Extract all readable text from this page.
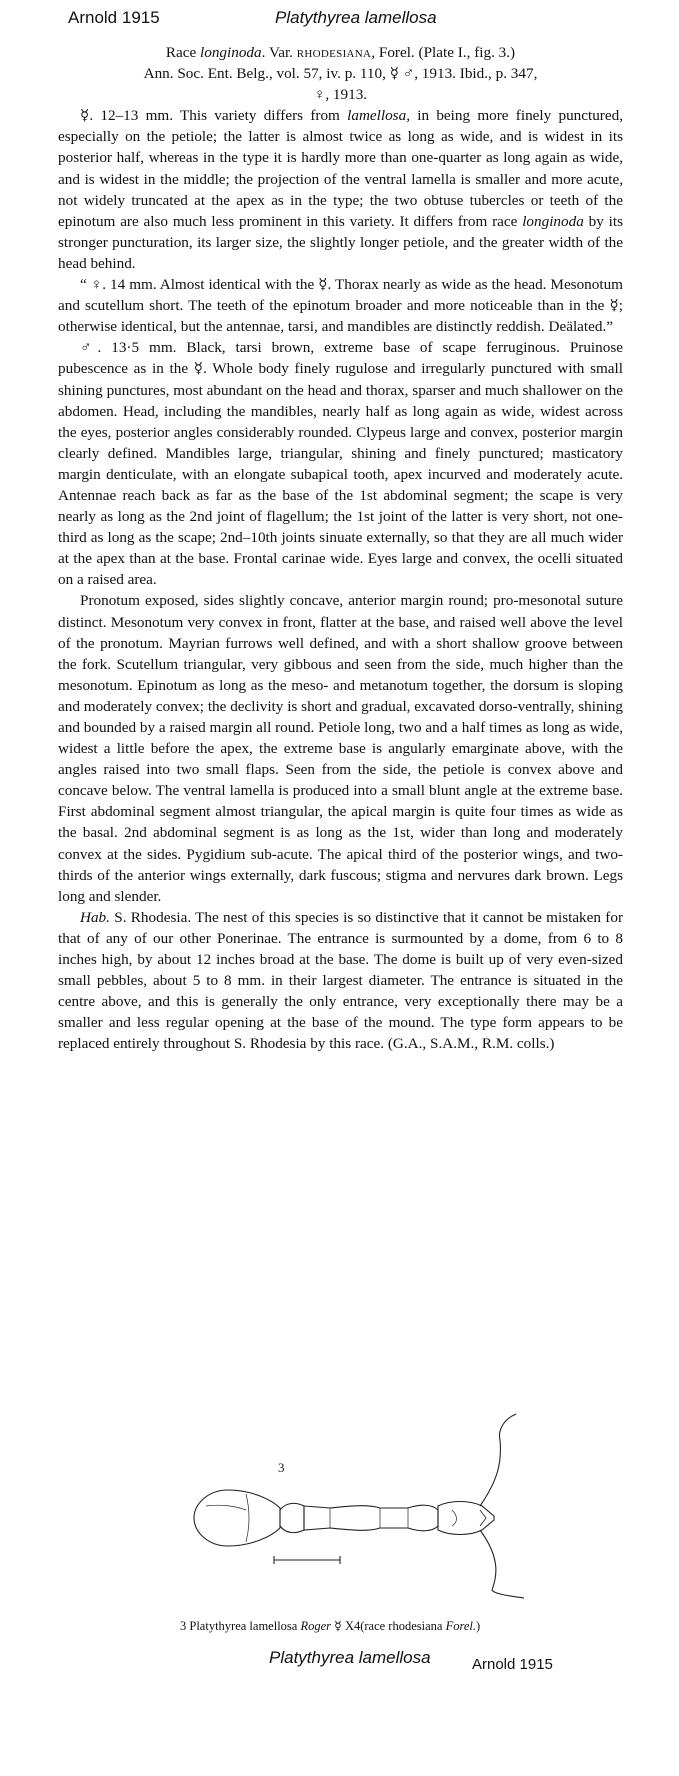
Arnold 1915	Platythyrea lamellosa

Race longinoda. Var. rhodesiana, Forel. (Plate I., fig. 3.)

Ann. Soc. Ent. Belg., vol. 57, iv. p. 110, ☿ ♂, 1913. Ibid., p. 347,

♀, 1913.

☿. 12–13 mm. This variety differs from lamellosa, in being more finely punctured, especially on the petiole; the latter is almost twice as long as wide, and is widest in its posterior half, whereas in the type it is hardly more than one-quarter as long again as wide, and is widest in the middle; the projection of the ventral lamella is smaller and more acute, not widely truncated at the apex as in the type; the two obtuse tubercles or teeth of the epinotum are also much less prominent in this variety. It differs from race longinoda by its stronger puncturation, its larger size, the slightly longer petiole, and the greater width of the head behind.

“ ♀. 14 mm. Almost identical with the ☿. Thorax nearly as wide as the head. Mesonotum and scutellum short. The teeth of the epinotum broader and more noticeable than in the ☿; otherwise identical, but the antennae, tarsi, and mandibles are distinctly reddish. Deälated.”

♂. 13·5 mm. Black, tarsi brown, extreme base of scape ferruginous. Pruinose pubescence as in the ☿. Whole body finely rugulose and irregularly punctured with small shining punctures, most abundant on the head and thorax, sparser and much shallower on the abdomen. Head, including the mandibles, nearly half as long again as wide, widest across the eyes, posterior angles considerably rounded. Clypeus large and convex, posterior margin clearly defined. Mandibles large, triangular, shining and finely punctured; masticatory margin denticulate, with an elongate subapical tooth, apex incurved and moderately acute. Antennae reach back as far as the base of the 1st abdominal segment; the scape is very nearly as long as the 2nd joint of flagellum; the 1st joint of the latter is very short, not one-third as long as the scape; 2nd–10th joints sinuate externally, so that they are all much wider at the apex than at the base. Frontal carinae wide. Eyes large and convex, the ocelli situated on a raised area.

Pronotum exposed, sides slightly concave, anterior margin round; pro-mesonotal suture distinct. Mesonotum very convex in front, flatter at the base, and raised well above the level of the pronotum. Mayrian furrows well defined, and with a short shallow groove between the fork. Scutellum triangular, very gibbous and seen from the side, much higher than the mesonotum. Epinotum as long as the meso- and metanotum together, the dorsum is sloping and moderately convex; the declivity is short and gradual, excavated dorso-ventrally, shining and bounded by a raised margin all round. Petiole long, two and a half times as long as wide, widest a little before the apex, the extreme base is angularly emarginate above, with the angles raised into two small flaps. Seen from the side, the petiole is convex above and concave below. The ventral lamella is produced into a small blunt angle at the extreme base. First abdominal segment almost triangular, the apical margin is quite four times as wide as the basal. 2nd abdominal segment is as long as the 1st, wider than long and moderately convex at the sides. Pygidium sub-acute. The apical third of the posterior wings, and two-thirds of the anterior wings externally, dark fuscous; stigma and nervures dark brown. Legs long and slender.

Hab. S. Rhodesia. The nest of this species is so distinctive that it cannot be mistaken for that of any of our other Ponerinae. The entrance is surmounted by a dome, from 6 to 8 inches high, by about 12 inches broad at the base. The dome is built up of very even-sized small pebbles, about 5 to 8 mm. in their largest diameter. The entrance is situated in the centre above, and this is generally the only entrance, very exceptionally there may be a smaller and less regular opening at the base of the mound. The type form appears to be replaced entirely throughout S. Rhodesia by this race. (G.A., S.A.M., R.M. colls.)

3
3 Platythyrea lamellosa Roger ☿ X4(race rhodesiana Forel.)
Platythyrea lamellosa	Arnold 1915
